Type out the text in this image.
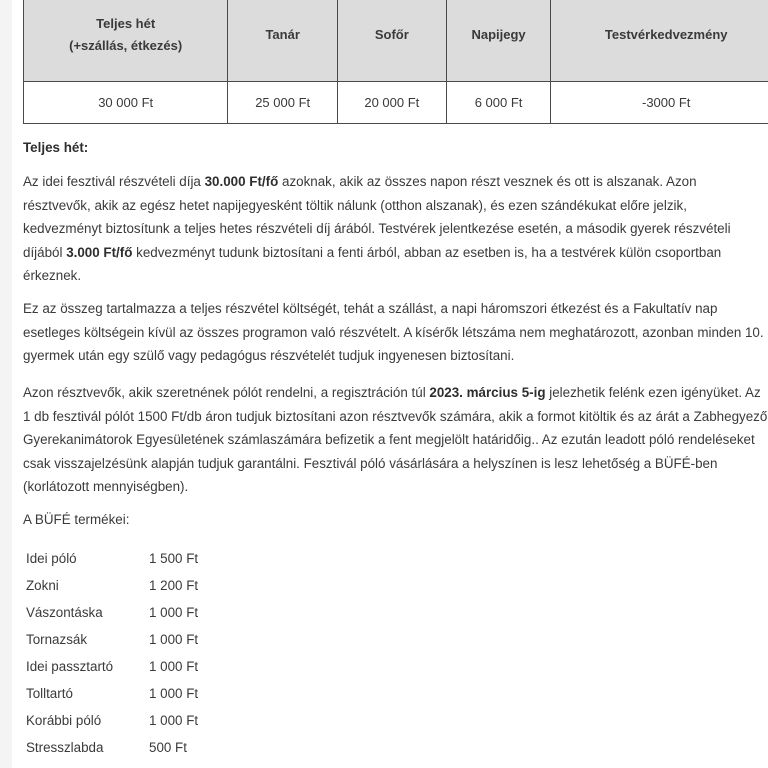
Teljes hét
(+szállás, étkezés)	Tanár	Sofőr	Napijegy	Testvérkedvezmény
30 000 Ft	25 000 Ft	20 000 Ft	6 000 Ft	-3000 Ft
Teljes hét:

Az idei fesztivál részvételi díja 30.000 Ft/fő azoknak, akik az összes napon részt vesznek és ott is alszanak. Azon résztvevők, akik az egész hetet napijegyesként töltik nálunk (otthon alszanak), és ezen szándékukat előre jelzik, kedvezményt biztosítunk a teljes hetes részvételi díj árából. Testvérek jelentkezése esetén, a második gyerek részvételi díjából 3.000 Ft/fő kedvezményt tudunk biztosítani a fenti árból, abban az esetben is, ha a testvérek külön csoportban érkeznek.

Ez az összeg tartalmazza a teljes részvétel költségét, tehát a szállást, a napi háromszori étkezést és a Fakultatív nap esetleges költségein kívül az összes programon való részvételt. A kísérők létszáma nem meghatározott, azonban minden 10. gyermek után egy szülő vagy pedagógus részvételét tudjuk ingyenesen biztosítani.

Azon résztvevők, akik szeretnének pólót rendelni, a regisztráción túl 2023. március 5-ig jelezhetik felénk ezen igényüket. Az 1 db fesztivál pólót 1500 Ft/db áron tudjuk biztosítani azon résztvevők számára, akik a formot kitöltik és az árát a Zabhegyező Gyerekanimátorok Egyesületének számlaszámára befizetik a fent megjelölt határidőig.. Az ezután leadott póló rendeléseket csak visszajelzésünk alapján tudjuk garantálni. Fesztivál póló vásárlására a helyszínen is lesz lehetőség a BÜFÉ-ben (korlátozott mennyiségben).

A BÜFÉ termékei:
Idei póló	1 500 Ft
Zokni	1 200 Ft
Vászontáska	1 000 Ft
Tornazsák	1 000 Ft
Idei passztartó	1 000 Ft
Tolltartó	1 000 Ft
Korábbi póló	1 000 Ft
Stresszlabda	500 Ft
